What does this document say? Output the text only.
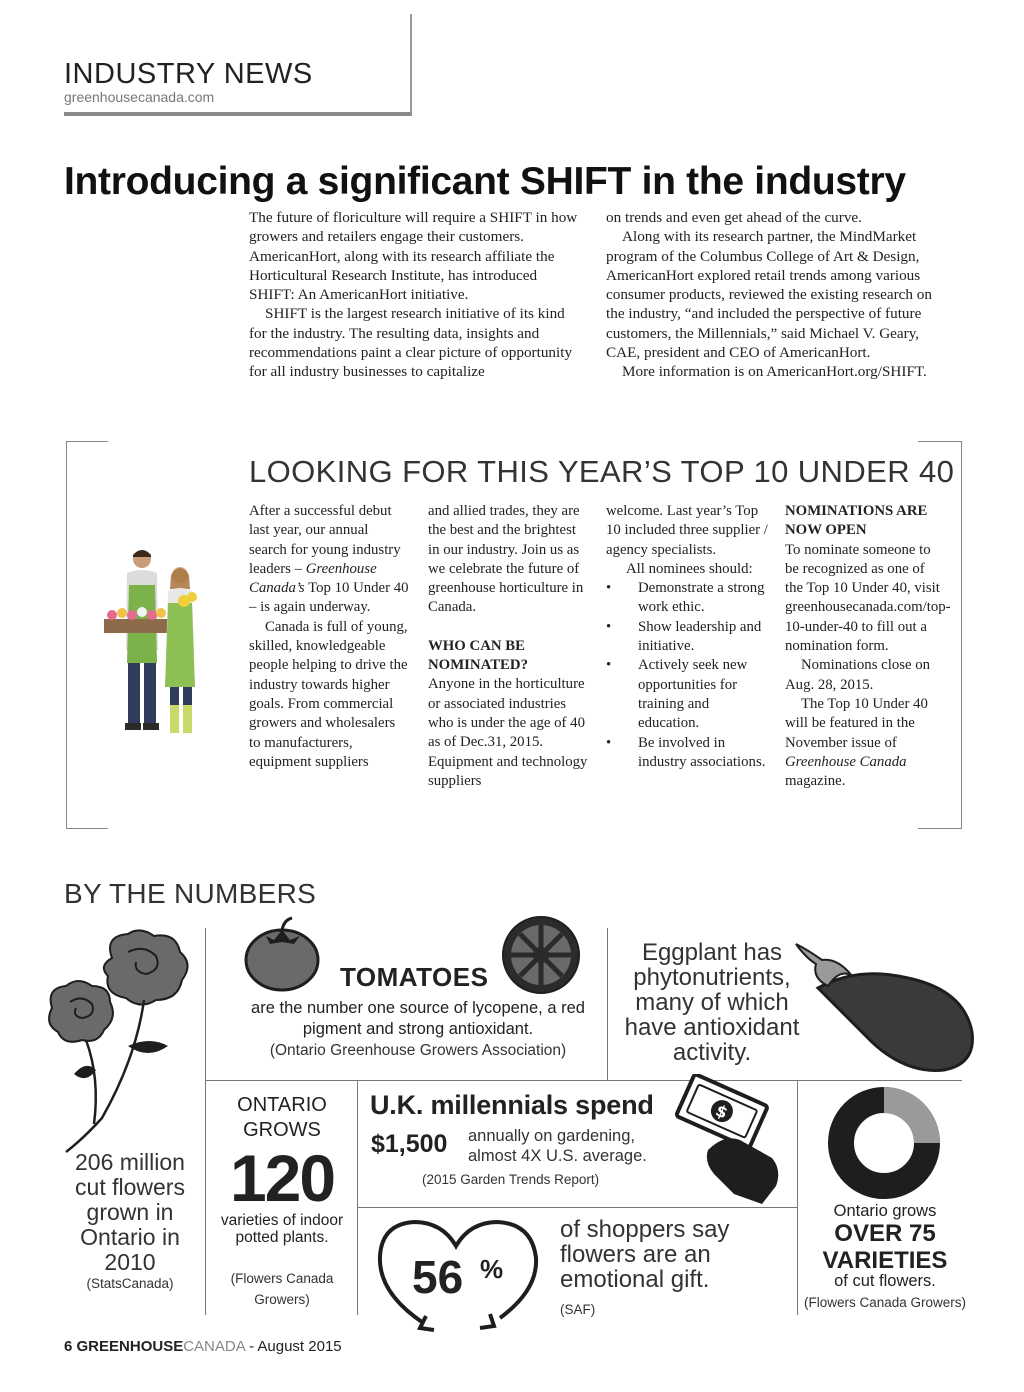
INDUSTRY NEWS
greenhousecanada.com
Introducing a significant SHIFT in the industry

The future of floriculture will require a SHIFT in how growers and retailers engage their customers. AmericanHort, along with its research affiliate the Horticultural Research Institute, has introduced SHIFT: An AmericanHort initiative.

SHIFT is the largest research initiative of its kind for the industry. The resulting data, insights and recommendations paint a clear picture of opportunity for all industry businesses to capitalize

on trends and even get ahead of the curve.

Along with its research partner, the MindMarket program of the Columbus College of Art & Design, AmericanHort explored retail trends among various consumer products, reviewed the existing research on the industry, “and included the perspective of future customers, the Millennials,” said Michael V. Geary, CAE, president and CEO of AmericanHort.

More information is on AmericanHort.org/SHIFT.

LOOKING FOR THIS YEAR’S TOP 10 UNDER 40

After a successful debut last year, our annual search for young industry leaders – Greenhouse Canada’s Top 10 Under 40 – is again underway.

Canada is full of young, skilled, knowledgeable people helping to drive the industry towards higher goals. From commercial growers and wholesalers to manufacturers, equipment suppliers

and allied trades, they are the best and the brightest in our industry. Join us as we celebrate the future of greenhouse horticulture in Canada.

WHO CAN BE NOMINATED?

Anyone in the horticulture or associated industries who is under the age of 40 as of Dec.31, 2015. Equipment and technology suppliers

welcome. Last year’s Top 10 included three supplier / agency specialists.

All nominees should:

• Demonstrate a strong work ethic.
• Show leadership and initiative.
• Actively seek new opportunities for training and education.
• Be involved in industry associations.

NOMINATIONS ARE NOW OPEN

To nominate someone to be recognized as one of the Top 10 Under 40, visit greenhousecanada.com/top-10-under-40 to fill out a nomination form.

Nominations close on Aug. 28, 2015.

The Top 10 Under 40 will be featured in the November issue of Greenhouse Canada magazine.

BY THE NUMBERS
TOMATOES
are the number one source of lycopene, a red pigment and strong antioxidant.
(Ontario Greenhouse Growers Association)
Eggplant has phytonutrients, many of which have antioxidant activity.
206 million cut flowers grown in Ontario in 2010
(StatsCanada)
ONTARIO GROWS
120
varieties of indoor potted plants.
(Flowers Canada Growers)
U.K. millennials spend
$1,500 annually on gardening, almost 4X U.S. average.
(2015 Garden Trends Report)
$
56 %
of shoppers say flowers are an emotional gift.
(SAF)
Ontario grows
OVER 75 VARIETIES
of cut flowers.
(Flowers Canada Growers)
6 GREENHOUSECANADA - August 2015
